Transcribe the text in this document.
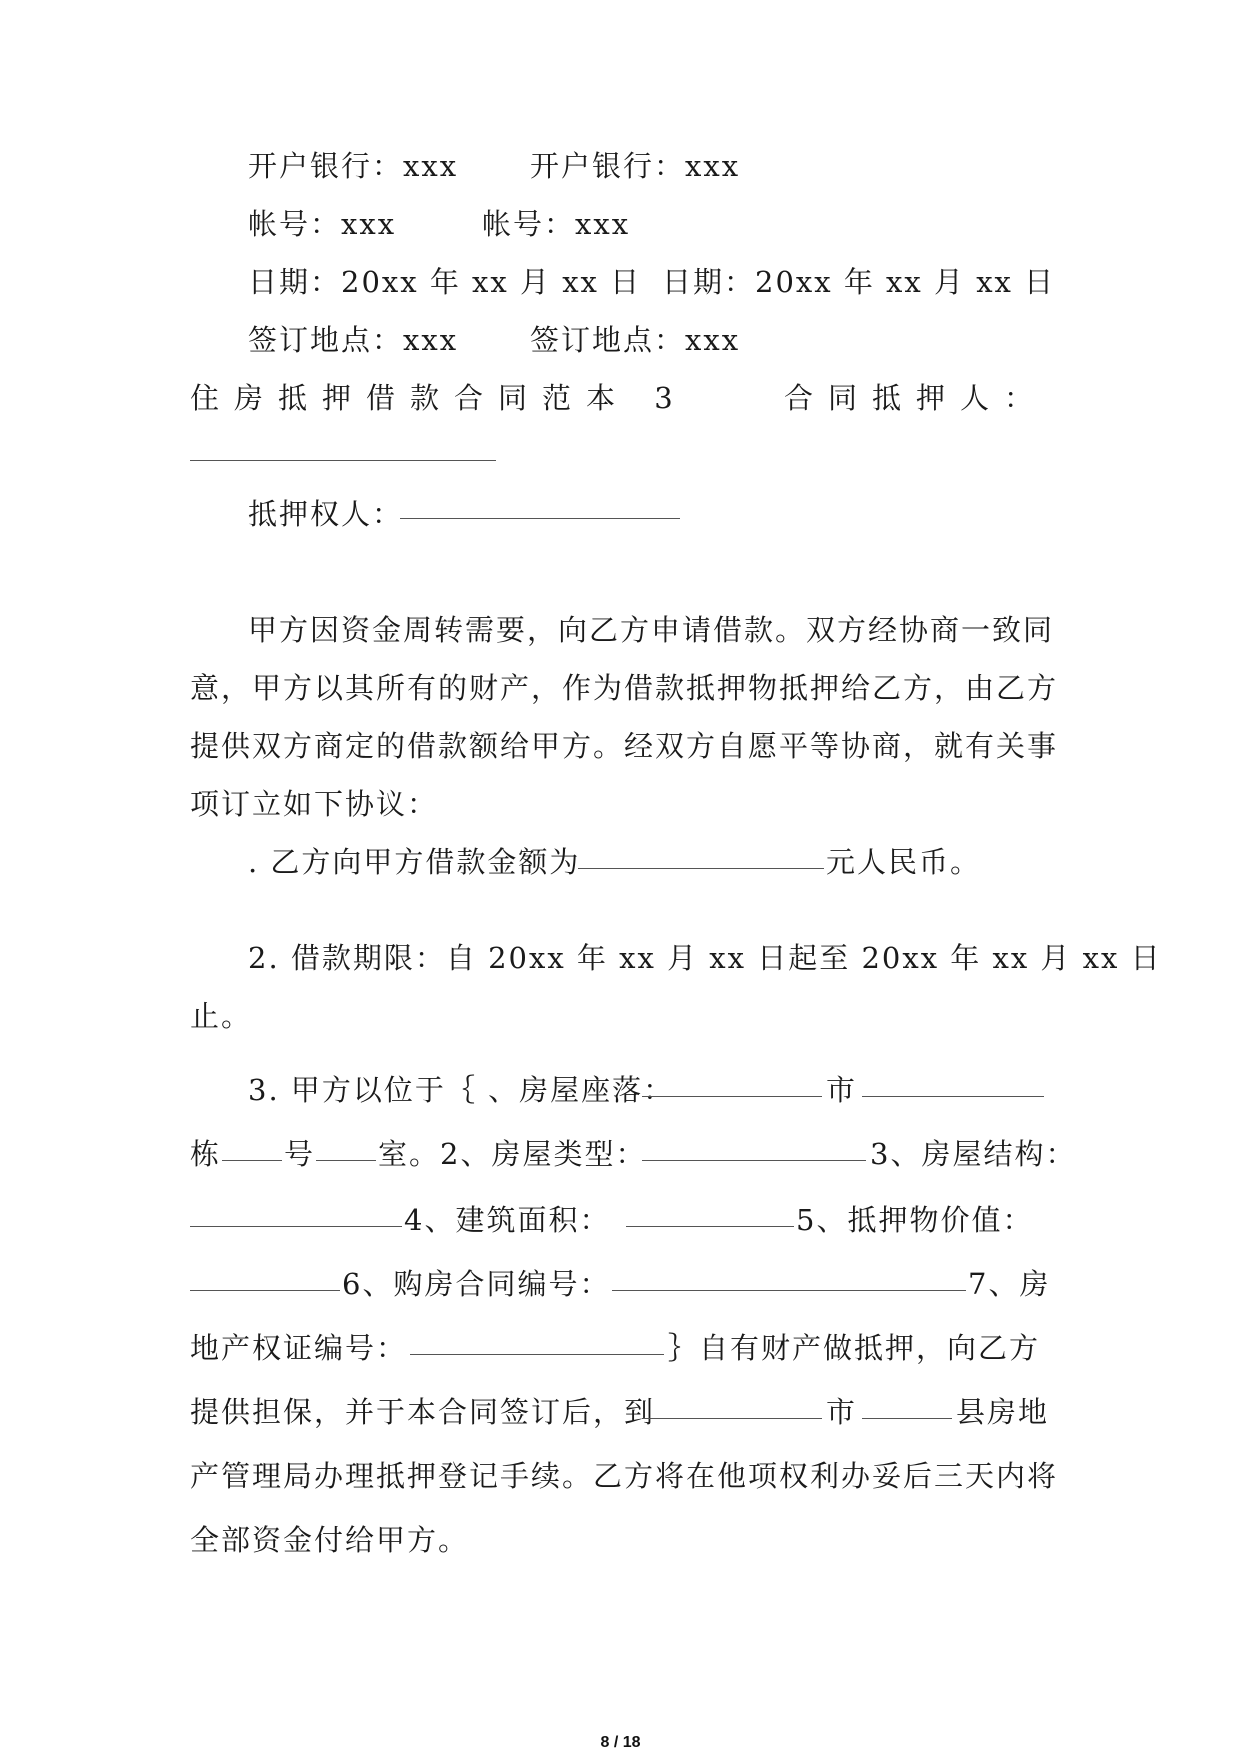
开户银行：xxx 开户银行：xxx
帐号：xxx	帐号：xxx
日期：20xx 年 xx 月 xx 日 日期：20xx 年 xx 月 xx 日
签订地点：xxx 签订地点：xxx
住房抵押借款合同范本 3	合同抵押人：
抵押权人：
甲方因资金周转需要，向乙方申请借款。双方经协商一致同
意，甲方以其所有的财产，作为借款抵押物抵押给乙方，由乙方
提供双方商定的借款额给甲方。经双方自愿平等协商，就有关事
项订立如下协议：
. 乙方向甲方借款金额为	元人民币。
2. 借款期限：自 20xx 年 xx 月 xx 日起至 20xx 年 xx 月 xx 日
止。
3. 甲方以位于｛ 、房屋座落：	市
栋 号 室。2、房屋类型：	3、房屋结构：
4、建筑面积：	5、抵押物价值：
6、购房合同编号：	7、房
地产权证编号：	｝自有财产做抵押，向乙方
提供担保，并于本合同签订后，到	市	县房地
产管理局办理抵押登记手续。乙方将在他项权利办妥后三天内将
全部资金付给甲方。
8 / 18
